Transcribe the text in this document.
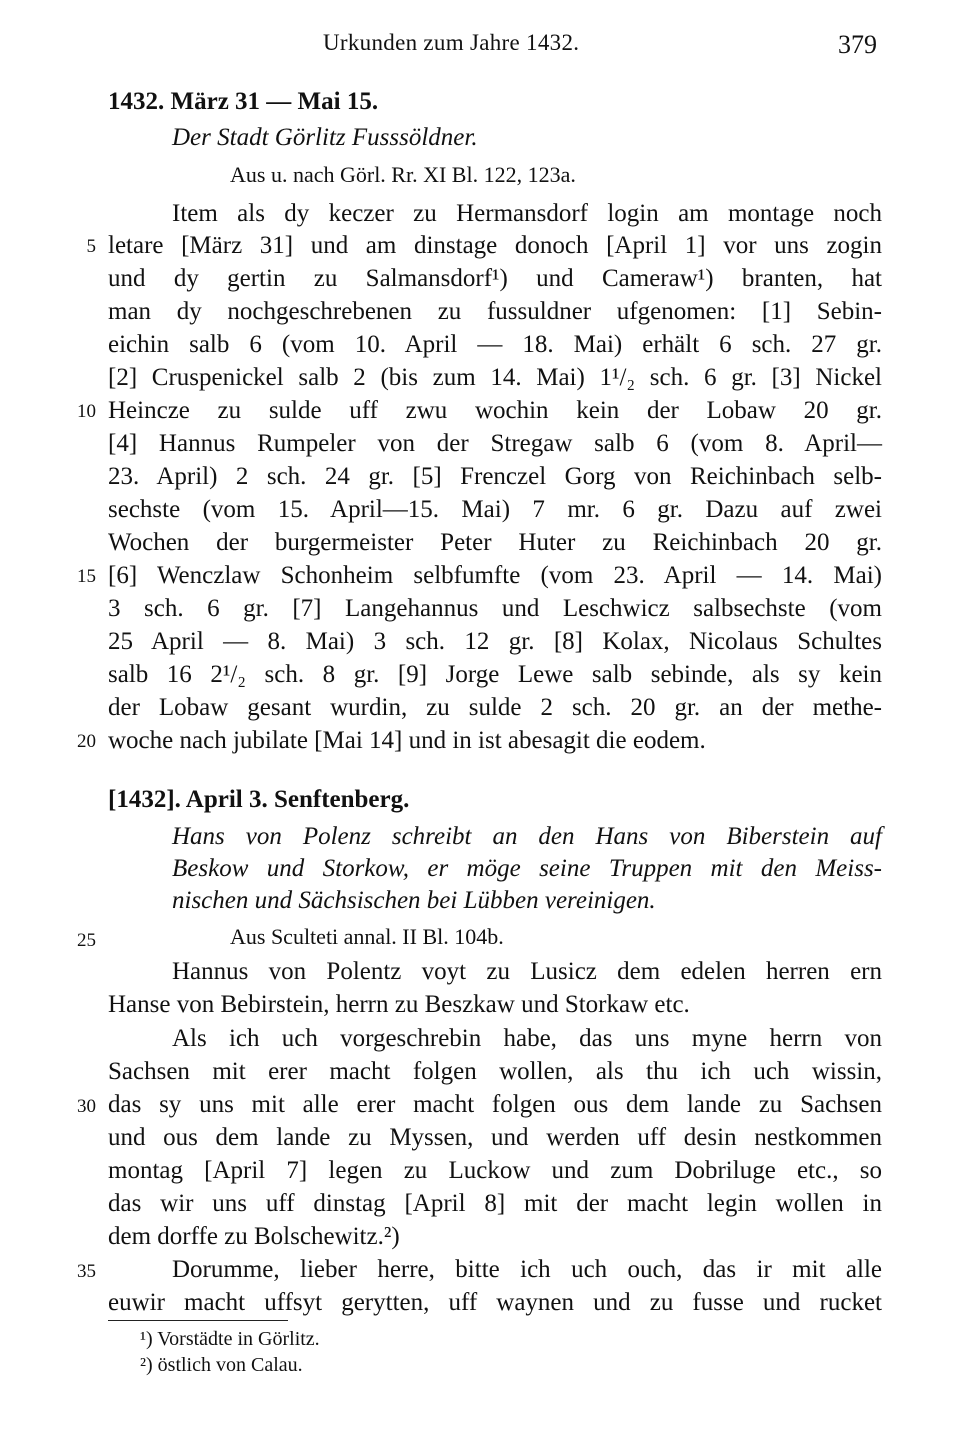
Urkunden zum Jahre 1432.	379
1432. März 31 — Mai 15.
Der Stadt Görlitz Fusssöldner.
Aus u. nach Görl. Rr. XI Bl. 122, 123a.
Item als dy keczer zu Hermansdorf login am montage noch
letare [März 31] und am dinstage donoch [April 1] vor uns zogin
und dy gertin zu Salmansdorf¹) und Cameraw¹) branten, hat
man dy nochgeschrebenen zu fussuldner ufgenomen: [1] Sebin-
eichin salb 6 (vom 10. April — 18. Mai) erhält 6 sch. 27 gr.
[2] Cruspenickel salb 2 (bis zum 14. Mai) 1¹/₂ sch. 6 gr. [3] Nickel
Heincze zu sulde uff zwu wochin kein der Lobaw 20 gr.
[4] Hannus Rumpeler von der Stregaw salb 6 (vom 8. April—
23. April) 2 sch. 24 gr. [5] Frenczel Gorg von Reichinbach selb-
sechste (vom 15. April—15. Mai) 7 mr. 6 gr. Dazu auf zwei
Wochen der burgermeister Peter Huter zu Reichinbach 20 gr.
[6] Wenczlaw Schonheim selbfumfte (vom 23. April — 14. Mai)
3 sch. 6 gr. [7] Langehannus und Leschwicz salbsechste (vom
25 April — 8. Mai) 3 sch. 12 gr. [8] Kolax, Nicolaus Schultes
salb 16 2¹/₂ sch. 8 gr. [9] Jorge Lewe salb sebinde, als sy kein
der Lobaw gesant wurdin, zu sulde 2 sch. 20 gr. an der methe-
woche nach jubilate [Mai 14] und in ist abesagit die eodem.
[1432]. April 3. Senftenberg.
Hans von Polenz schreibt an den Hans von Biberstein auf
Beskow und Storkow, er möge seine Truppen mit den Meiss-
nischen und Sächsischen bei Lübben vereinigen.
Aus Sculteti annal. II Bl. 104b.
Hannus von Polentz voyt zu Lusicz dem edelen herren ern
Hanse von Bebirstein, herrn zu Beszkaw und Storkaw etc.
Als ich uch vorgeschrebin habe, das uns myne herrn von
Sachsen mit erer macht folgen wollen, als thu ich uch wissin,
das sy uns mit alle erer macht folgen ous dem lande zu Sachsen
und ous dem lande zu Myssen, und werden uff desin nestkommen
montag [April 7] legen zu Luckow und zum Dobriluge etc., so
das wir uns uff dinstag [April 8] mit der macht legin wollen in
dem dorffe zu Bolschewitz.²)
Dorumme, lieber herre, bitte ich uch ouch, das ir mit alle
euwir macht uffsyt gerytten, uff waynen und zu fusse und rucket
5
10
15
20
25
30
35
¹) Vorstädte in Görlitz.
²) östlich von Calau.
